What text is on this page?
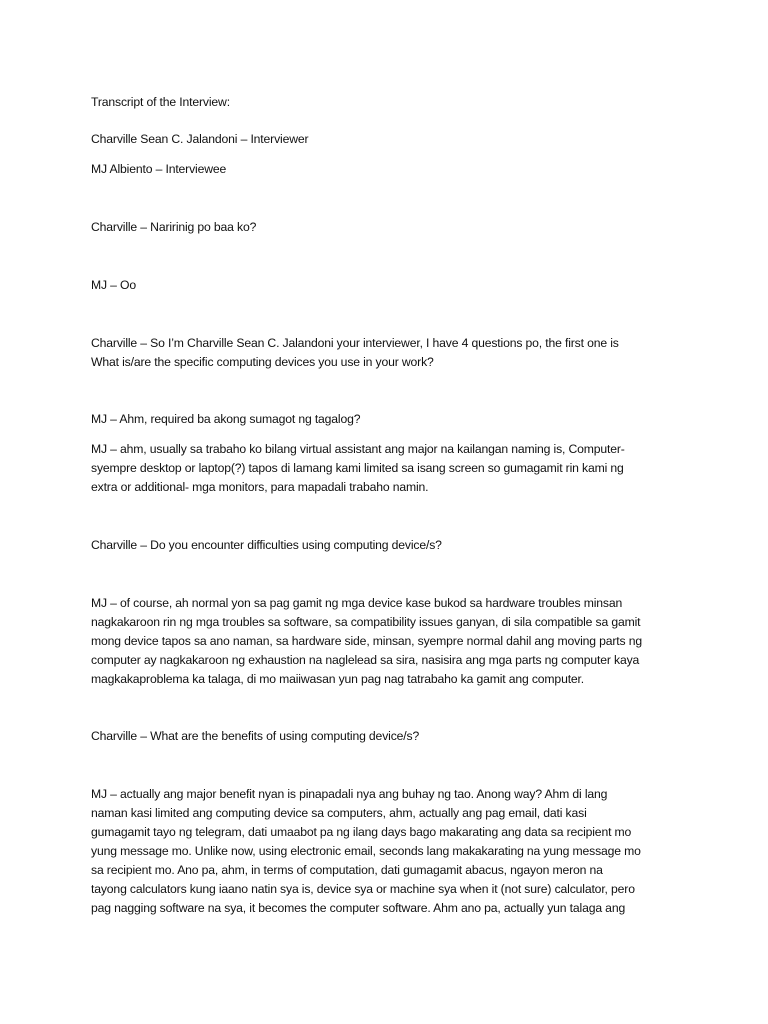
Transcript of the Interview:

Charville Sean C. Jalandoni – Interviewer

MJ Albiento – Interviewee

Charville – Naririnig po baa ko?

MJ – Oo

Charville – So I’m Charville Sean C. Jalandoni your interviewer, I have 4 questions po, the first one is

What is/are the specific computing devices you use in your work?

MJ – Ahm, required ba akong sumagot ng tagalog?

MJ – ahm, usually sa trabaho ko bilang virtual assistant ang major na kailangan naming is, Computer-

syempre desktop or laptop(?) tapos di lamang kami limited sa isang screen so gumagamit rin kami ng

extra or additional- mga monitors, para mapadali trabaho namin.

Charville – Do you encounter difficulties using computing device/s?

MJ – of course, ah normal yon sa pag gamit ng mga device kase bukod sa hardware troubles minsan

nagkakaroon rin ng mga troubles sa software, sa compatibility issues ganyan, di sila compatible sa gamit

mong device tapos sa ano naman, sa hardware side, minsan, syempre normal dahil ang moving parts ng

computer ay nagkakaroon ng exhaustion na naglelead sa sira, nasisira ang mga parts ng computer kaya

magkakaproblema ka talaga, di mo maiiwasan yun pag nag tatrabaho ka gamit ang computer.

Charville – What are the benefits of using computing device/s?

MJ – actually ang major benefit nyan is pinapadali nya ang buhay ng tao. Anong way? Ahm di lang

naman kasi limited ang computing device sa computers, ahm, actually ang pag email, dati kasi

gumagamit tayo ng telegram, dati umaabot pa ng ilang days bago makarating ang data sa recipient mo

yung message mo. Unlike now, using electronic email, seconds lang makakarating na yung message mo

sa recipient mo. Ano pa, ahm, in terms of computation, dati gumagamit abacus, ngayon meron na

tayong calculators kung iaano natin sya is, device sya or machine sya when it (not sure) calculator, pero

pag nagging software na sya, it becomes the computer software. Ahm ano pa, actually yun talaga ang
